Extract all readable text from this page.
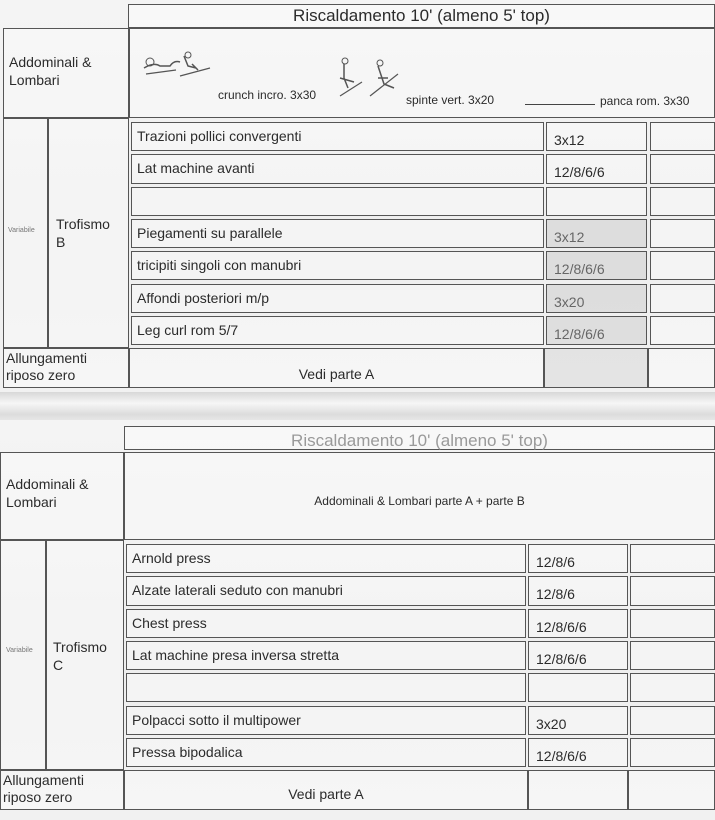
Riscaldamento 10' (almeno 5' top)
Addominali & Lombari
crunch incro. 3x30	spinte vert. 3x20	panca rom. 3x30
Variabile Trofismo B
Trazioni pollici convergenti	3x12
Lat machine avanti	12/8/6/6
Piegamenti su parallele	3x12
tricipiti singoli con manubri	12/8/6/6
Affondi posteriori m/p	3x20
Leg curl rom 5/7	12/8/6/6
Allungamenti riposo zero	Vedi parte A
Riscaldamento 10' (almeno 5' top)
Addominali & Lombari	Addominali & Lombari parte A + parte B
Variabile Trofismo C
Arnold press	12/8/6
Alzate laterali seduto con manubri	12/8/6
Chest press	12/8/6/6
Lat machine presa inversa stretta	12/8/6/6
Polpacci sotto il multipower	3x20
Pressa bipodalica	12/8/6/6
Allungamenti riposo zero	Vedi parte A
